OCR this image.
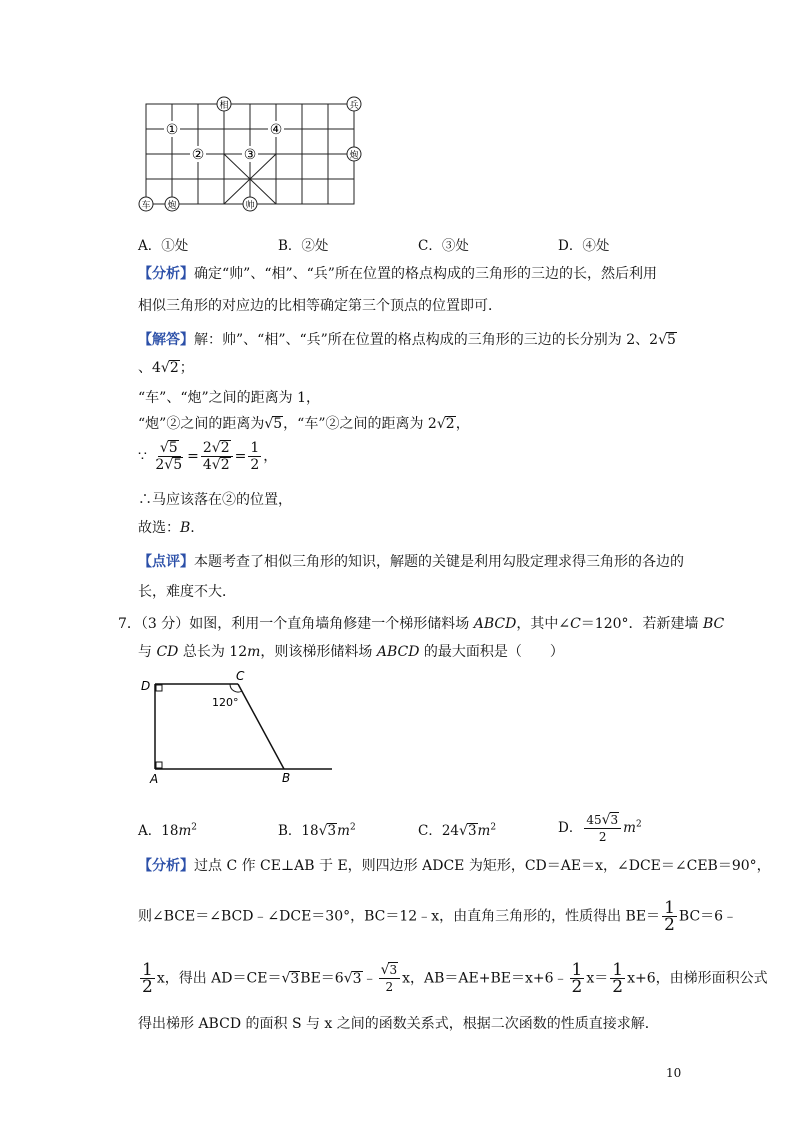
相	兵
炮
车 炮	帅
①
②	③
④
A．①处	B．②处	C．③处	D．④处
【分析】确定“帅”、“相”、“兵”所在位置的格点构成的三角形的三边的长，然后利用
相似三角形的对应边的比相等确定第三个顶点的位置即可．
【解答】解：帅”、“相”、“兵”所在位置的格点构成的三角形的三边的长分别为 2、2√5
、4√2；
“车”、“炮”之间的距离为 1，
“炮”②之间的距离为√5，“车”②之间的距离为 2√2，
∵ $\frac{√5}{2√5} = \frac{2√2}{4√2} = \frac{1}{2}$ ，
∴马应该落在②的位置，
故选：B.
【点评】本题考查了相似三角形的知识，解题的关键是利用勾股定理求得三角形的各边的
长，难度不大．
7．（3 分）如图，利用一个直角墙角修建一个梯形储料场 ABCD，其中∠C＝120°．若新建墙 BC
与 CD 总长为 12m，则该梯形储料场 ABCD 的最大面积是（　　）
D
C
A	B
120°
A．$18m^2$	B．$18√3m^2$	C．$24√3m^2$	D． $\frac{45√3}{2} m^2$
【分析】过点 C 作 CE⊥AB 于 E，则四边形 ADCE 为矩形，CD＝AE＝x，∠DCE＝∠CEB＝90°，
则∠BCE＝∠BCD﹣∠DCE＝30°，BC＝12﹣x，由直角三角形的，性质得出 $BE= \frac{1}{2}$ BC＝6﹣
$\frac{1}{2}$ x，得出 AD＝CE＝√3BE＝6√3﹣ $\frac{√3}{2}$ x，AB＝AE+BE＝x+6﹣ $\frac{1}{2} x= \frac{1}{2} x+6$，由梯形面积公式
得出梯形 ABCD 的面积 S 与 x 之间的函数关系式，根据二次函数的性质直接求解．
10
